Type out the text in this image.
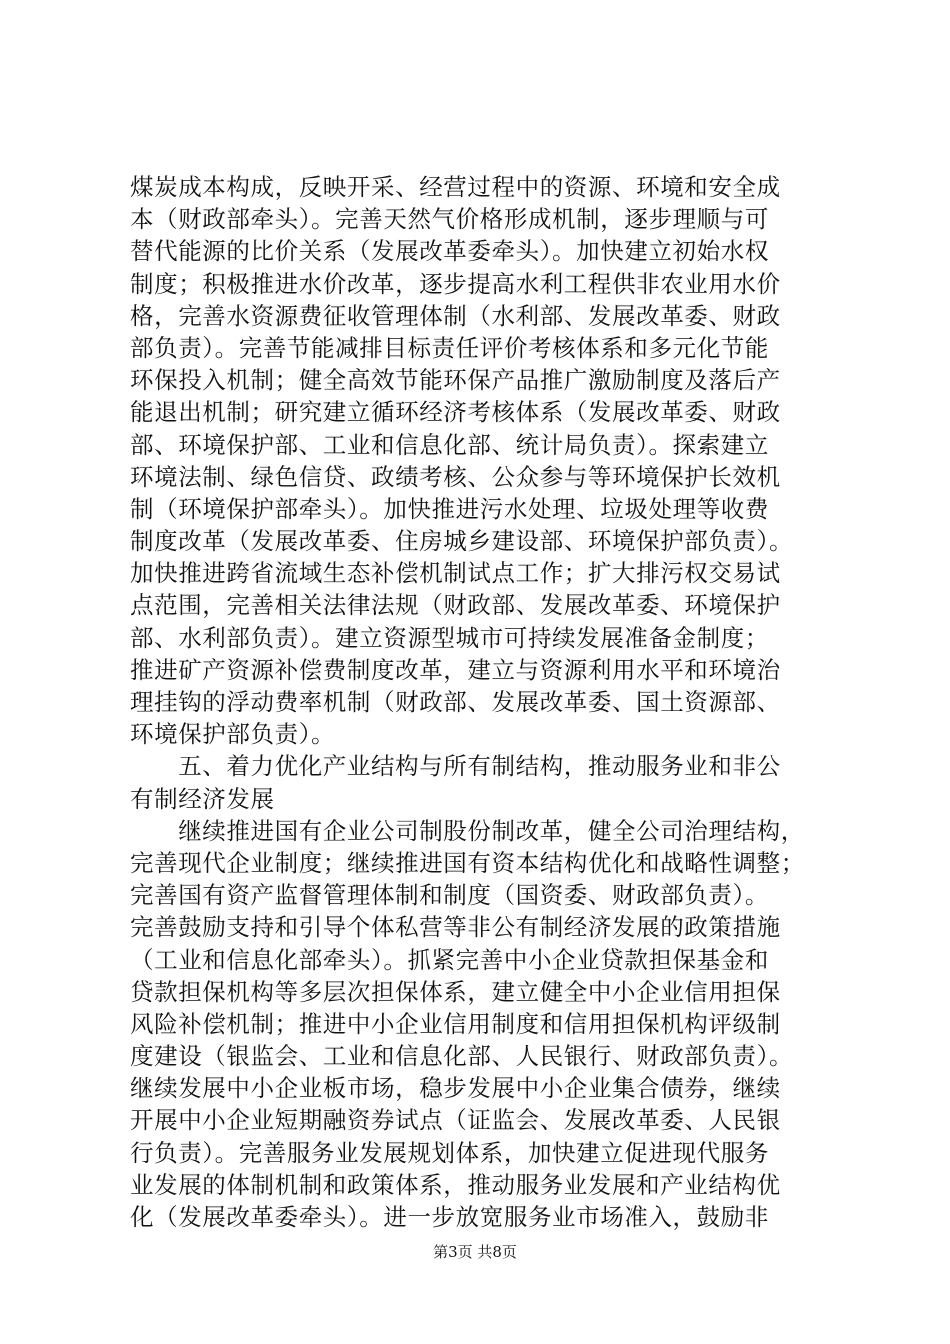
煤炭成本构成，反映开采、经营过程中的资源、环境和安全成
本（财政部牵头）。完善天然气价格形成机制，逐步理顺与可
替代能源的比价关系（发展改革委牵头）。加快建立初始水权
制度；积极推进水价改革，逐步提高水利工程供非农业用水价
格，完善水资源费征收管理体制（水利部、发展改革委、财政
部负责）。完善节能减排目标责任评价考核体系和多元化节能
环保投入机制；健全高效节能环保产品推广激励制度及落后产
能退出机制；研究建立循环经济考核体系（发展改革委、财政
部、环境保护部、工业和信息化部、统计局负责）。探索建立
环境法制、绿色信贷、政绩考核、公众参与等环境保护长效机
制（环境保护部牵头）。加快推进污水处理、垃圾处理等收费
制度改革（发展改革委、住房城乡建设部、环境保护部负责）。
加快推进跨省流域生态补偿机制试点工作；扩大排污权交易试
点范围，完善相关法律法规（财政部、发展改革委、环境保护
部、水利部负责）。建立资源型城市可持续发展准备金制度；
推进矿产资源补偿费制度改革，建立与资源利用水平和环境治
理挂钩的浮动费率机制（财政部、发展改革委、国土资源部、
环境保护部负责）。
　　五、着力优化产业结构与所有制结构，推动服务业和非公
有制经济发展
　　继续推进国有企业公司制股份制改革，健全公司治理结构，
完善现代企业制度；继续推进国有资本结构优化和战略性调整；
完善国有资产监督管理体制和制度（国资委、财政部负责）。
完善鼓励支持和引导个体私营等非公有制经济发展的政策措施
（工业和信息化部牵头）。抓紧完善中小企业贷款担保基金和
贷款担保机构等多层次担保体系，建立健全中小企业信用担保
风险补偿机制；推进中小企业信用制度和信用担保机构评级制
度建设（银监会、工业和信息化部、人民银行、财政部负责）。
继续发展中小企业板市场，稳步发展中小企业集合债券，继续
开展中小企业短期融资券试点（证监会、发展改革委、人民银
行负责）。完善服务业发展规划体系，加快建立促进现代服务
业发展的体制机制和政策体系，推动服务业发展和产业结构优
化（发展改革委牵头）。进一步放宽服务业市场准入，鼓励非
第3页 共8页
